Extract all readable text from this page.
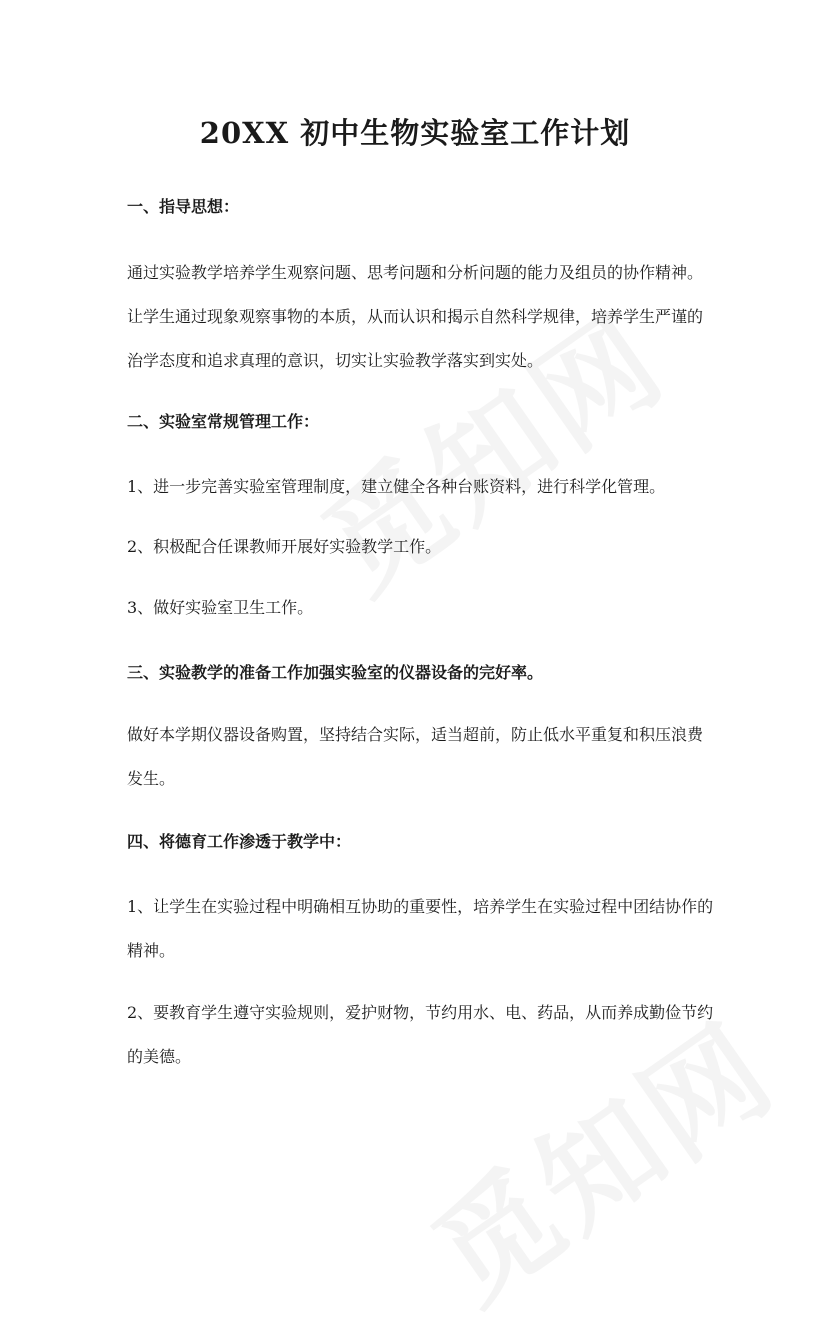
20XX 初中生物实验室工作计划

一、指导思想：

通过实验教学培养学生观察问题、思考问题和分析问题的能力及组员的协作精神。让学生通过现象观察事物的本质，从而认识和揭示自然科学规律，培养学生严谨的治学态度和追求真理的意识，切实让实验教学落实到实处。

二、实验室常规管理工作：

1、进一步完善实验室管理制度，建立健全各种台账资料，进行科学化管理。

2、积极配合任课教师开展好实验教学工作。

3、做好实验室卫生工作。

三、实验教学的准备工作加强实验室的仪器设备的完好率。

做好本学期仪器设备购置，坚持结合实际，适当超前，防止低水平重复和积压浪费发生。

四、将德育工作渗透于教学中：

1、让学生在实验过程中明确相互协助的重要性，培养学生在实验过程中团结协作的精神。

2、要教育学生遵守实验规则，爱护财物，节约用水、电、药品，从而养成勤俭节约的美德。
